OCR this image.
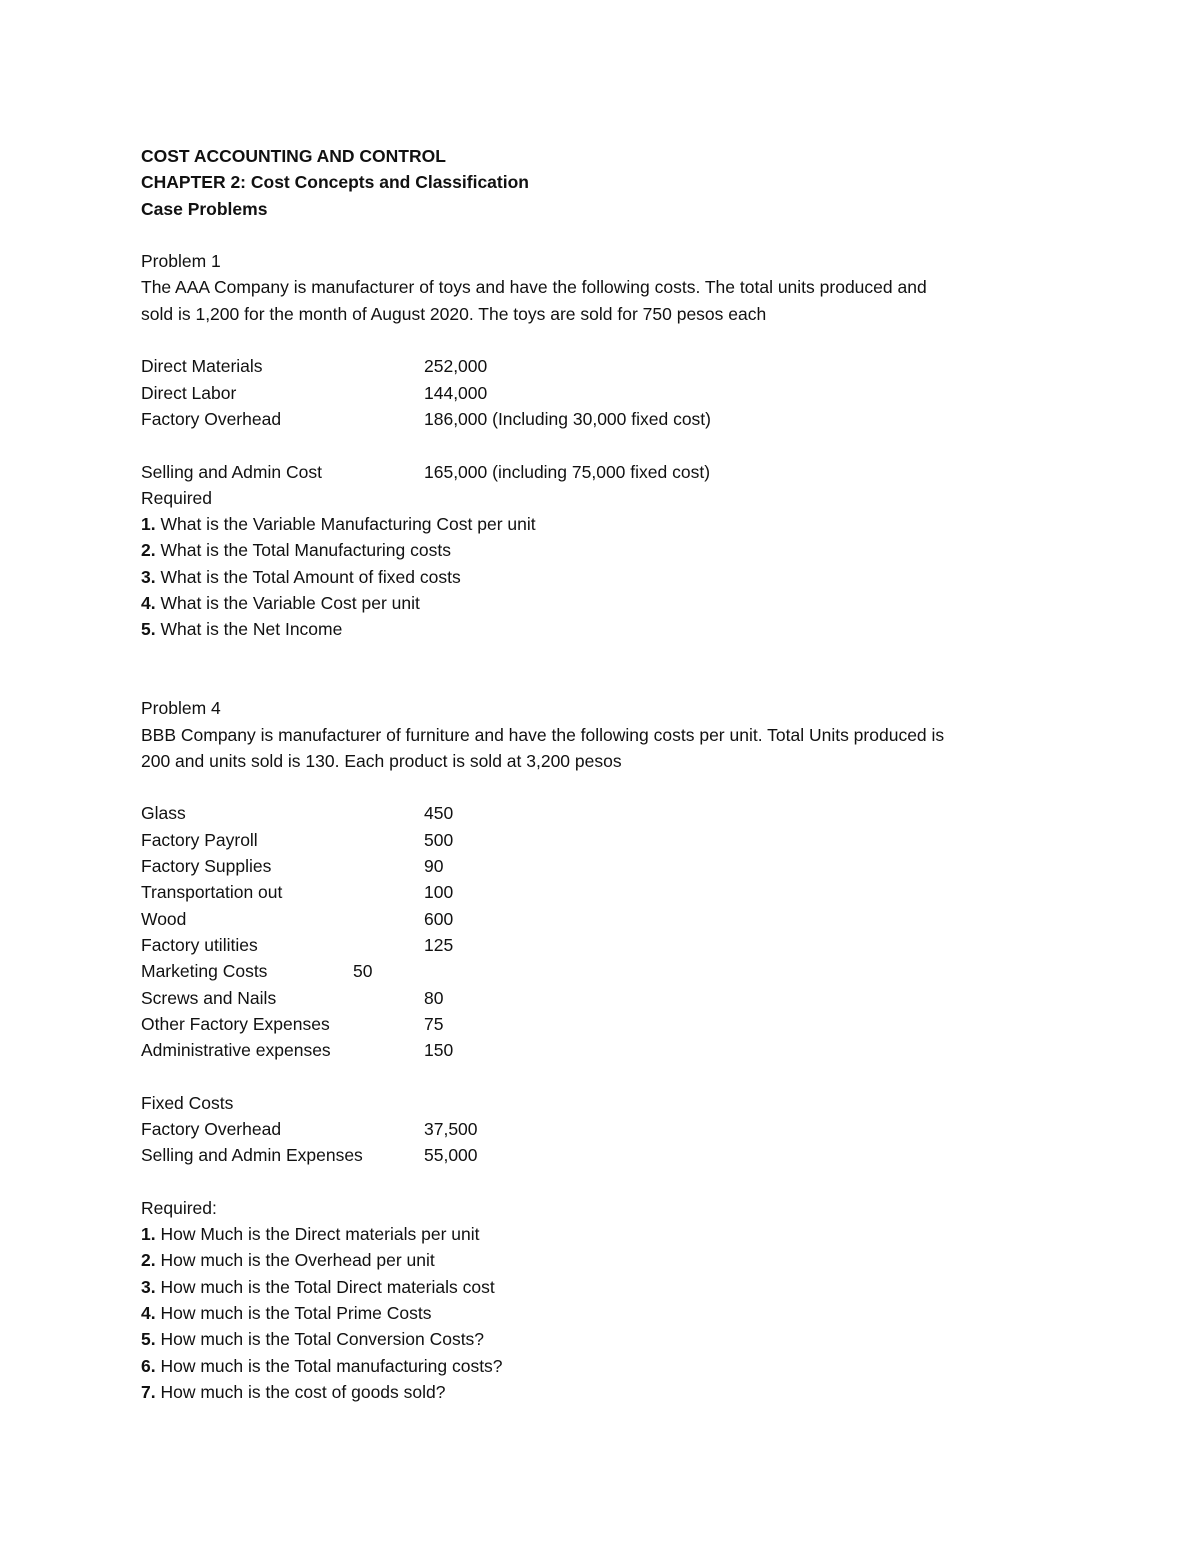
COST ACCOUNTING AND CONTROL
CHAPTER 2: Cost Concepts and Classification
Case Problems
Problem 1
The AAA Company is manufacturer of toys and have the following costs. The total units produced and
sold is 1,200 for the month of August 2020. The toys are sold for 750 pesos each
Direct Materials	252,000
Direct Labor	144,000
Factory Overhead	186,000 (Including 30,000 fixed cost)
Selling and Admin Cost	165,000 (including 75,000 fixed cost)
Required
1. What is the Variable Manufacturing Cost per unit
2. What is the Total Manufacturing costs
3. What is the Total Amount of fixed costs
4. What is the Variable Cost per unit
5. What is the Net Income
Problem 4
BBB Company is manufacturer of furniture and have the following costs per unit. Total Units produced is
200 and units sold is 130. Each product is sold at 3,200 pesos
Glass	450
Factory Payroll	500
Factory Supplies	90
Transportation out	100
Wood	600
Factory utilities	125
Marketing Costs	50
Screws and Nails	80
Other Factory Expenses	75
Administrative expenses	150
Fixed Costs
Factory Overhead	37,500
Selling and Admin Expenses	55,000
Required:
1. How Much is the Direct materials per unit
2. How much is the Overhead per unit
3. How much is the Total Direct materials cost
4. How much is the Total Prime Costs
5. How much is the Total Conversion Costs?
6. How much is the Total manufacturing costs?
7. How much is the cost of goods sold?
